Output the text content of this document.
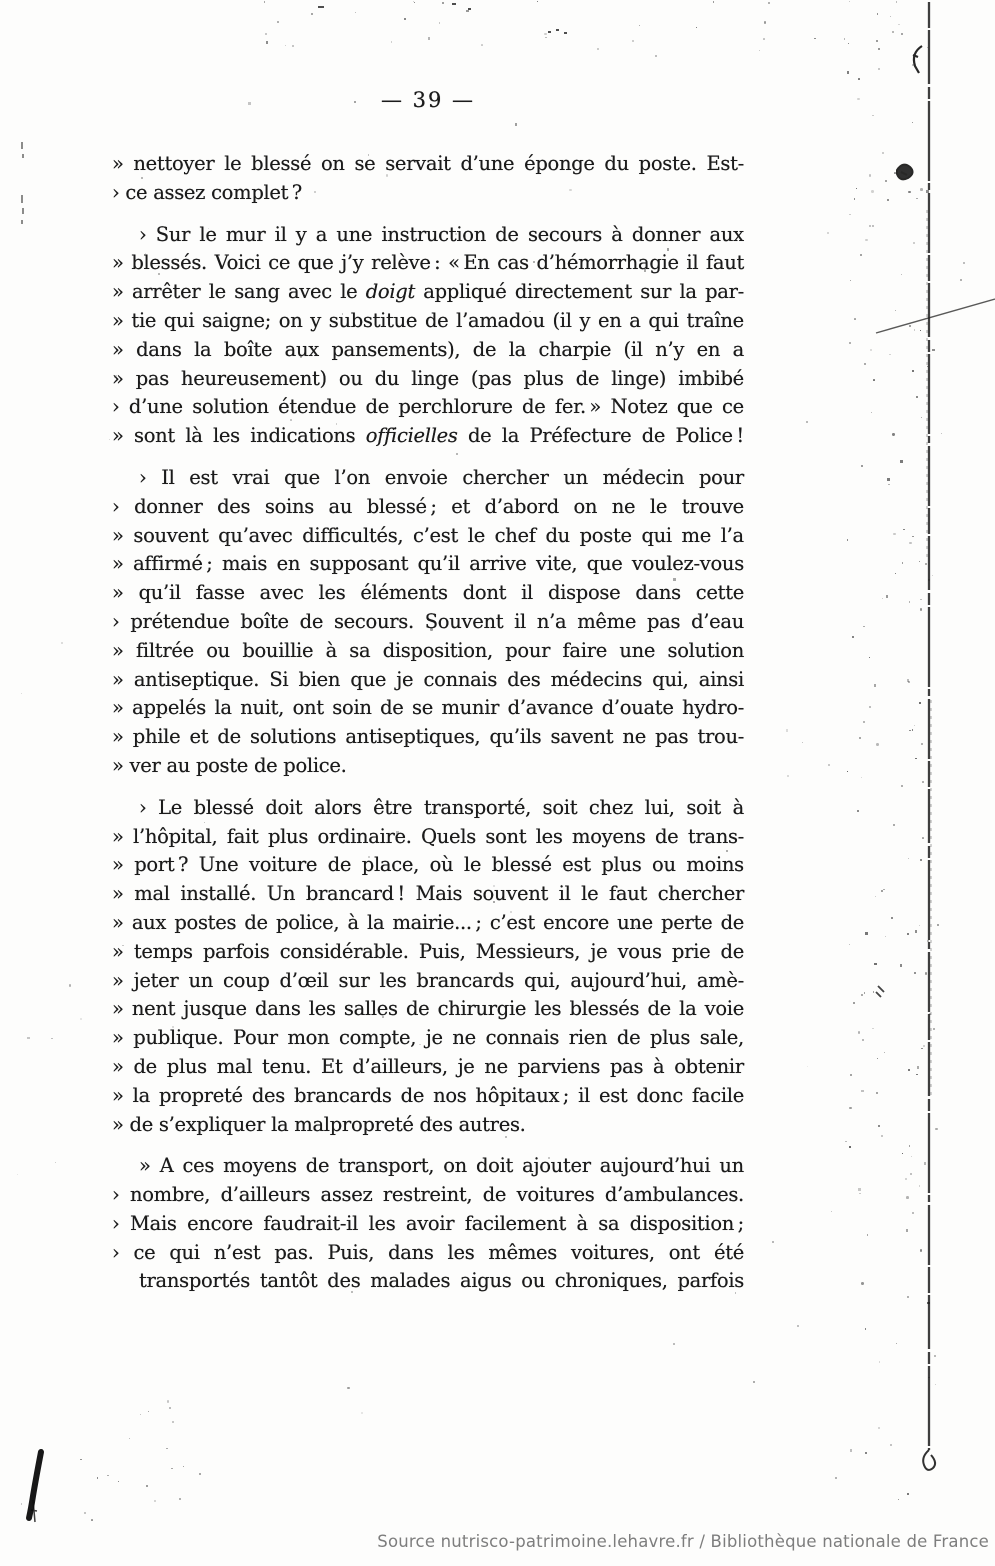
— 39 —
» nettoyer le blessé on se servait d’une éponge du poste. Est-
› ce assez complet ?
› Sur le mur il y a une instruction de secours à donner aux
» blessés. Voici ce que j’y relève : « En cas d’hémorrhagie il faut
» arrêter le sang avec le doigt appliqué directement sur la par-
» tie qui saigne; on y substitue de l’amadou (il y en a qui traîne
» dans la boîte aux pansements), de la charpie (il n’y en a
» pas heureusement) ou du linge (pas plus de linge) imbibé
› d’une solution étendue de perchlorure de fer. » Notez que ce
» sont là les indications officielles de la Préfecture de Police !
› Il est vrai que l’on envoie chercher un médecin pour
› donner des soins au blessé ; et d’abord on ne le trouve
» souvent qu’avec difficultés, c’est le chef du poste qui me l’a
» affirmé ; mais en supposant qu’il arrive vite, que voulez-vous
» qu’il fasse avec les éléments dont il dispose dans cette
› prétendue boîte de secours. Souvent il n’a même pas d’eau
» filtrée ou bouillie à sa disposition, pour faire une solution
» antiseptique. Si bien que je connais des médecins qui, ainsi
» appelés la nuit, ont soin de se munir d’avance d’ouate hydro-
» phile et de solutions antiseptiques, qu’ils savent ne pas trou-
» ver au poste de police.
› Le blessé doit alors être transporté, soit chez lui, soit à
» l’hôpital, fait plus ordinaire. Quels sont les moyens de trans-
» port ? Une voiture de place, où le blessé est plus ou moins
» mal installé. Un brancard ! Mais souvent il le faut chercher
» aux postes de police, à la mairie... ; c’est encore une perte de
» temps parfois considérable. Puis, Messieurs, je vous prie de
» jeter un coup d’œil sur les brancards qui, aujourd’hui, amè-
» nent jusque dans les salles de chirurgie les blessés de la voie
» publique. Pour mon compte, je ne connais rien de plus sale,
» de plus mal tenu. Et d’ailleurs, je ne parviens pas à obtenir
» la propreté des brancards de nos hôpitaux ; il est donc facile
» de s’expliquer la malpropreté des autres.
» A ces moyens de transport, on doit ajouter aujourd’hui un
› nombre, d’ailleurs assez restreint, de voitures d’ambulances.
› Mais encore faudrait-il les avoir facilement à sa disposition ;
› ce qui n’est pas. Puis, dans les mêmes voitures, ont été
transportés tantôt des malades aigus ou chroniques, parfois
Source nutrisco-patrimoine.lehavre.fr / Bibliothèque nationale de France
